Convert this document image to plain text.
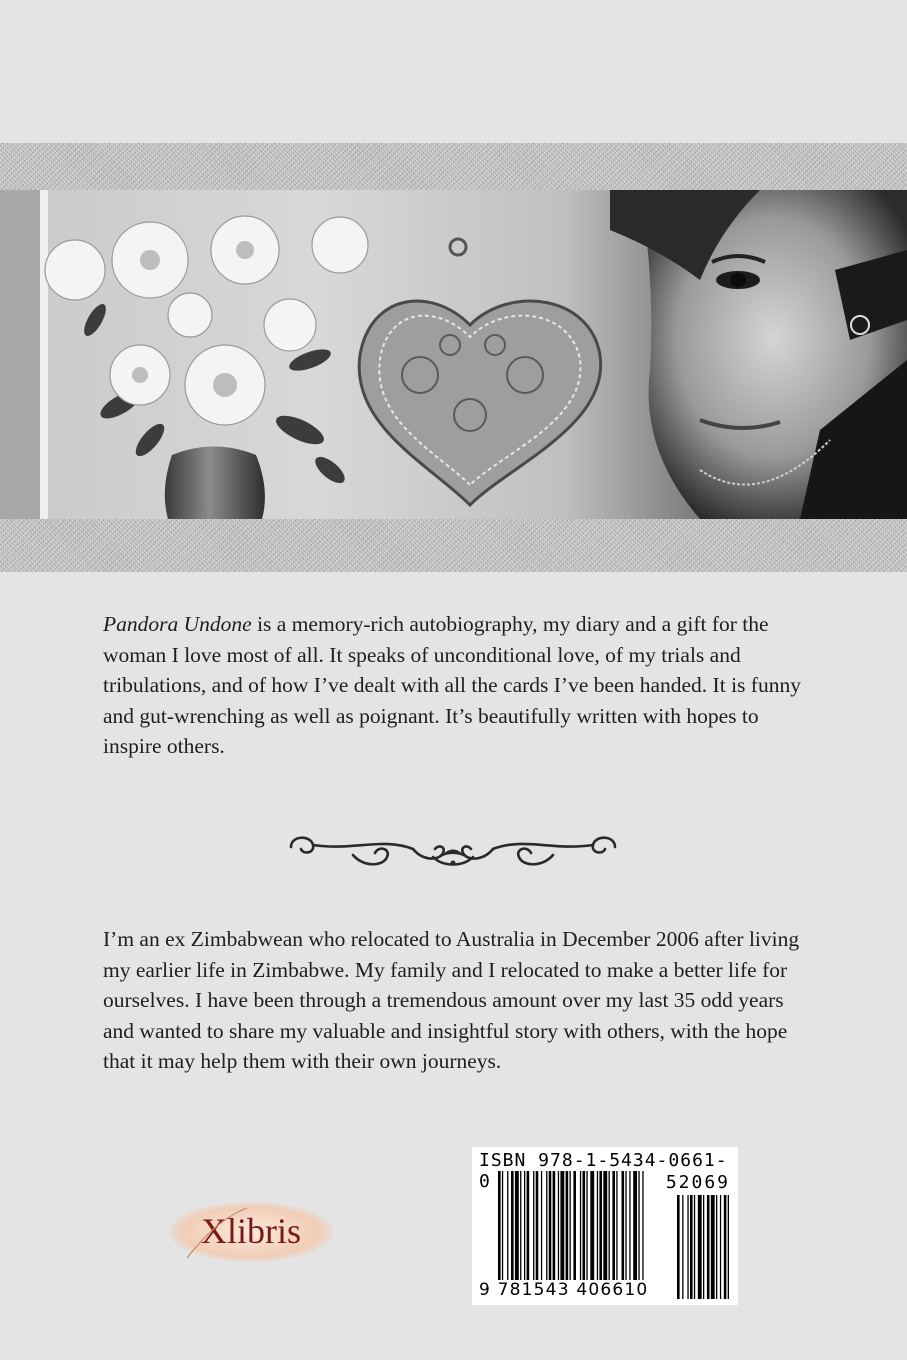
Pandora Undone is a memory-rich autobiography, my diary and a gift for the woman I love most of all. It speaks of unconditional love, of my trials and tribulations, and of how I’ve dealt with all the cards I’ve been handed. It is funny and gut-wrenching as well as poignant. It’s beautifully written with hopes to inspire others.

I’m an ex Zimbabwean who relocated to Australia in December 2006 after living my earlier life in Zimbabwe. My family and I relocated to make a better life for ourselves. I have been through a tremendous amount over my last 35 odd years and wanted to share my valuable and insightful story with others, with the hope that it may help them with their own journeys.

Xlibris
ISBN 978-1-5434-0661-0	52069
9 781543 406610
